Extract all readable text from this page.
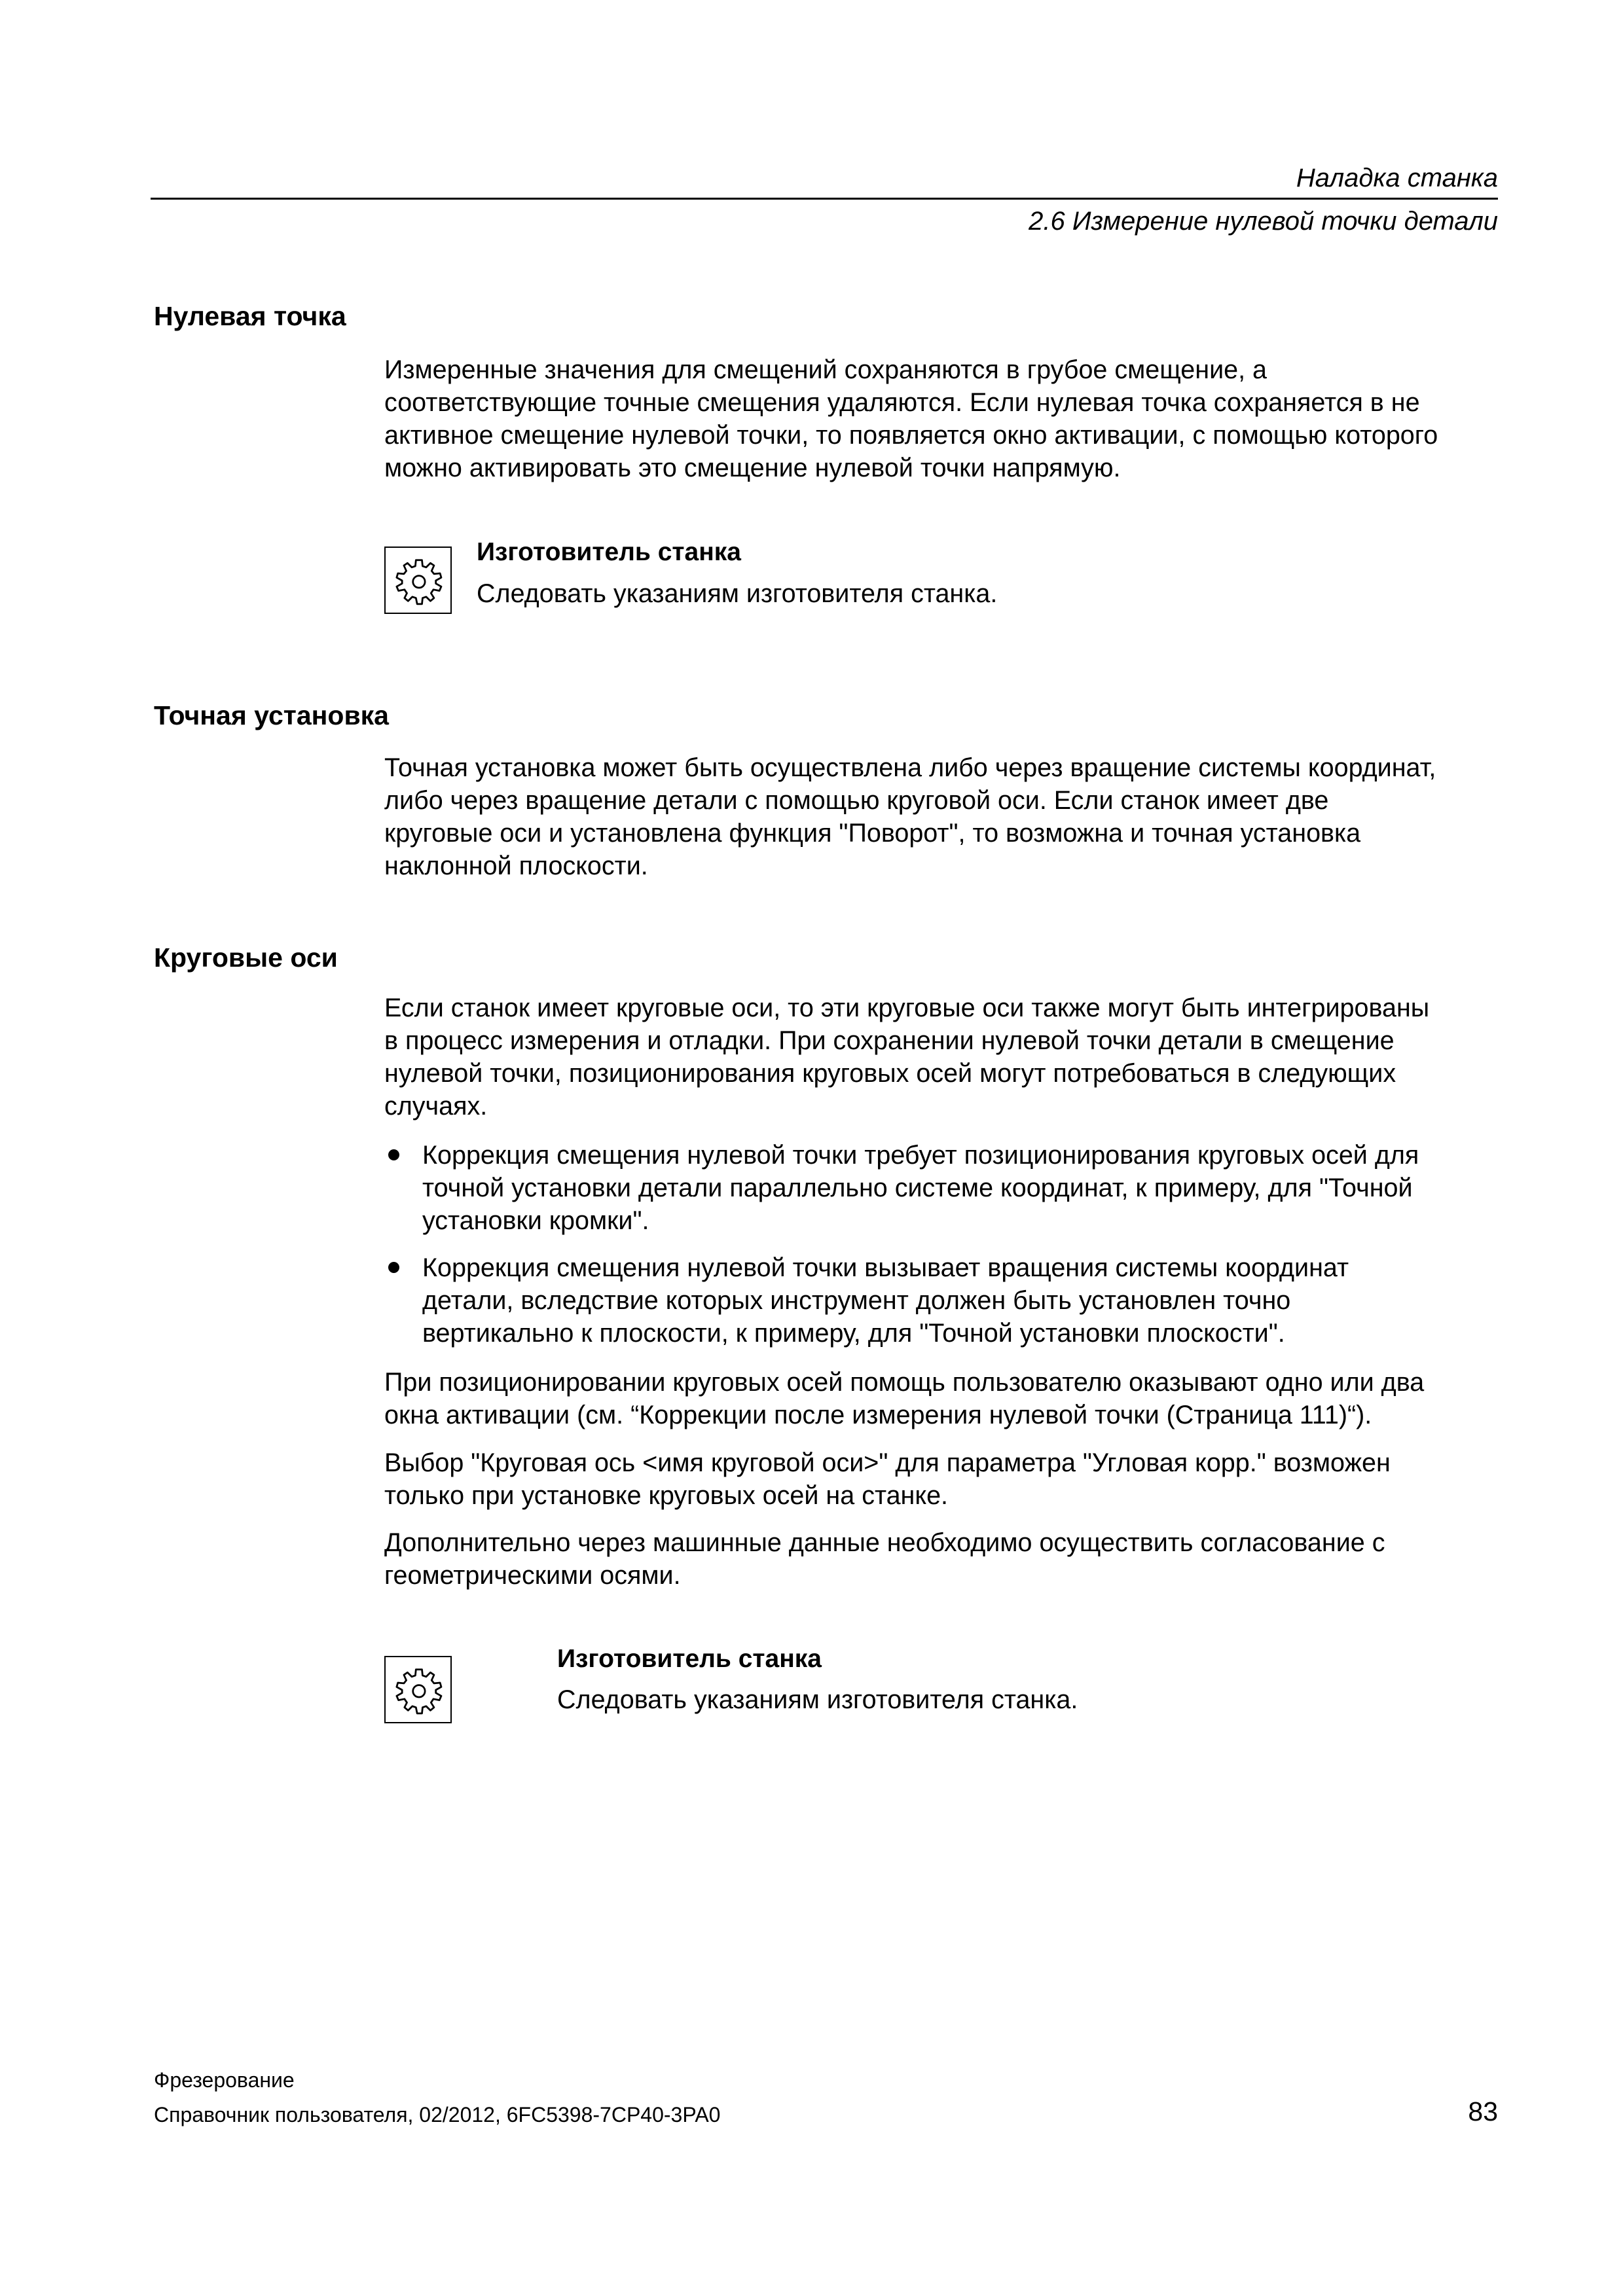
Наладка станка
2.6 Измерение нулевой точки детали
Нулевая точка

Измеренные значения для смещений сохраняются в грубое смещение, а
соответствующие точные смещения удаляются. Если нулевая точка сохраняется в не
активное смещение нулевой точки, то появляется окно активации, с помощью которого
можно активировать это смещение нулевой точки напрямую.

Изготовитель станка
Следовать указаниям изготовителя станка.
Точная установка

Точная установка может быть осуществлена либо через вращение системы координат,
либо через вращение детали с помощью круговой оси. Если станок имеет две
круговые оси и установлена функция "Поворот", то возможна и точная установка
наклонной плоскости.

Круговые оси

Если станок имеет круговые оси, то эти круговые оси также могут быть интегрированы
в процесс измерения и отладки. При сохранении нулевой точки детали в смещение
нулевой точки, позиционирования круговых осей могут потребоваться в следующих
случаях.

Коррекция смещения нулевой точки требует позиционирования круговых осей для
точной установки детали параллельно системе координат, к примеру, для "Точной
установки кромки".
Коррекция смещения нулевой точки вызывает вращения системы координат
детали, вследствие которых инструмент должен быть установлен точно
вертикально к плоскости, к примеру, для "Точной установки плоскости".

При позиционировании круговых осей помощь пользователю оказывают одно или два
окна активации (см. “Коррекции после измерения нулевой точки (Страница 111)“).

Выбор "Круговая ось <имя круговой оси>" для параметра "Угловая корр." возможен
только при установке круговых осей на станке.

Дополнительно через машинные данные необходимо осуществить согласование с
геометрическими осями.

Изготовитель станка
Следовать указаниям изготовителя станка.
Фрезерование
Справочник пользователя, 02/2012, 6FC5398-7CP40-3PA0	83
